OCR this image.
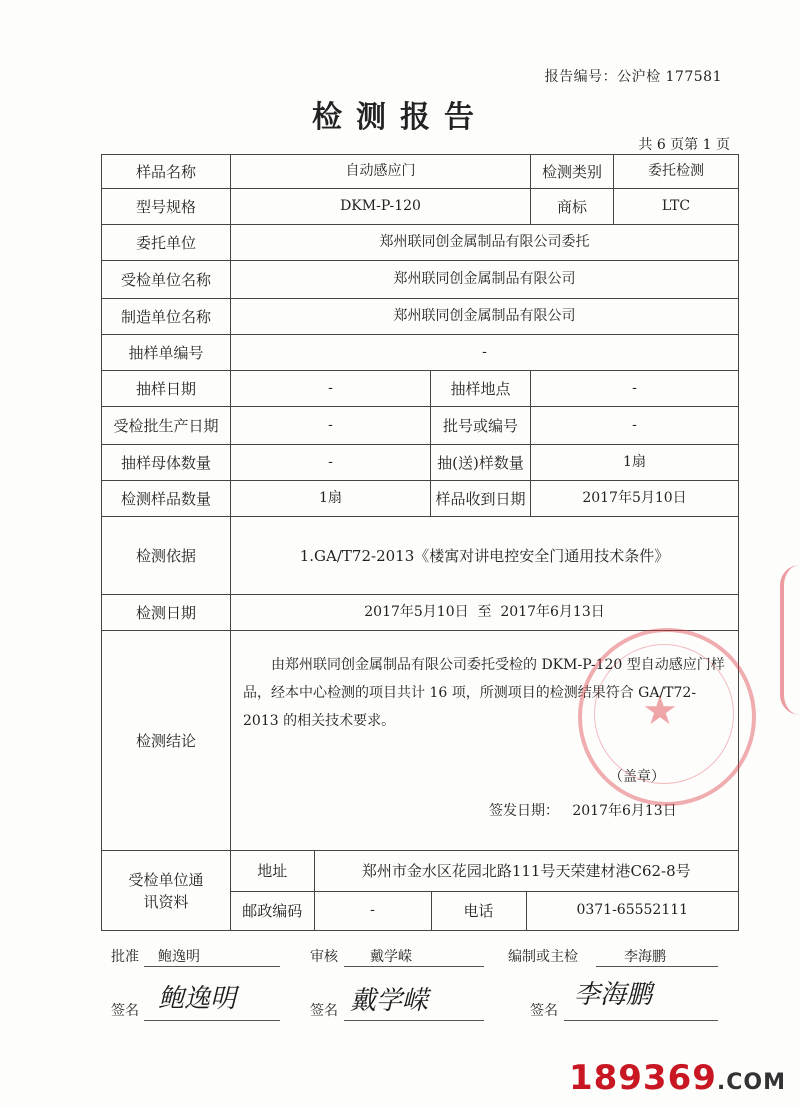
报告编号：公沪检 177581
检测报告
共 6 页第 1 页
样品名称	自动感应门	检测类别	委托检测
型号规格	DKM-P-120	商标	LTC
委托单位	郑州联同创金属制品有限公司委托
受检单位名称	郑州联同创金属制品有限公司
制造单位名称	郑州联同创金属制品有限公司
抽样单编号	-
抽样日期	-	抽样地点	-
受检批生产日期	-	批号或编号	-
抽样母体数量	-	抽(送)样数量	1扇
检测样品数量	1扇	样品收到日期	2017年5月10日
检测依据	1.GA/T72-2013《楼寓对讲电控安全门通用技术条件》
检测日期	2017年5月10日  至  2017年6月13日
检测结论	
由郑州联同创金属制品有限公司委托受检的 DKM-P-120 型自动感应门样品，经本中心检测的项目共计 16 项，所测项目的检测结果符合 GA/T72-2013 的相关技术要求。
（盖章）
签发日期： 2017年6月13日

受检单位通讯资料	
地址	郑州市金水区花园北路111号天荣建材港C62-8号
邮政编码	-	电话	0371-65552111
★
批准 鲍逸明	审核 戴学嵘	编制或主检	李海鹏
签名 鲍逸明	签名 戴学嵘	签名
李海鹏
189369.COM
